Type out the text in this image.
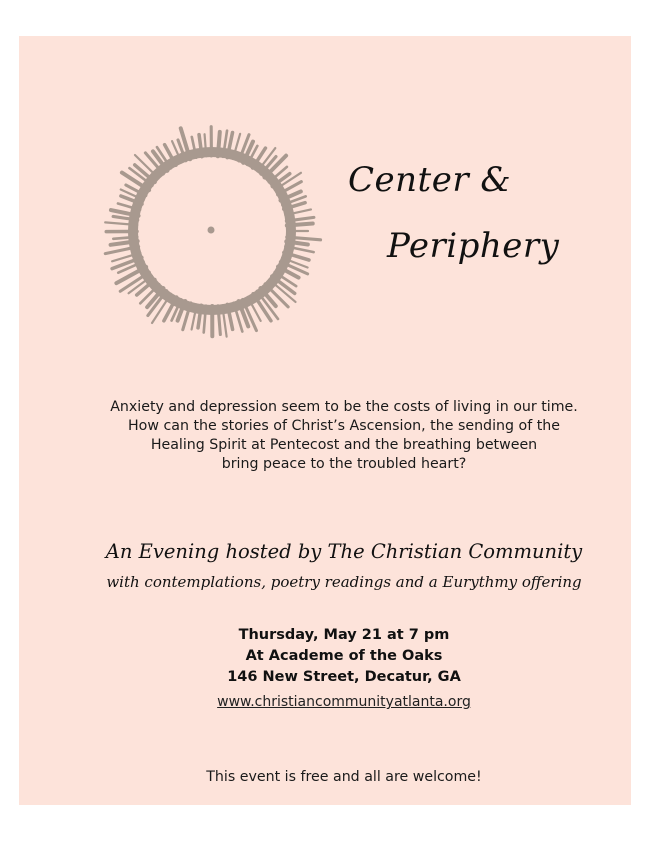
Center &
Periphery
Anxiety and depression seem to be the costs of living in our time.
How can the stories of Christ’s Ascension, the sending of the
Healing Spirit at Pentecost and the breathing between
bring peace to the troubled heart?
An Evening hosted by The Christian Community
with contemplations, poetry readings and a Eurythmy offering
Thursday, May 21 at 7 pm
At Academe of the Oaks
146 New Street, Decatur, GA
www.christiancommunityatlanta.org
This event is free and all are welcome!
